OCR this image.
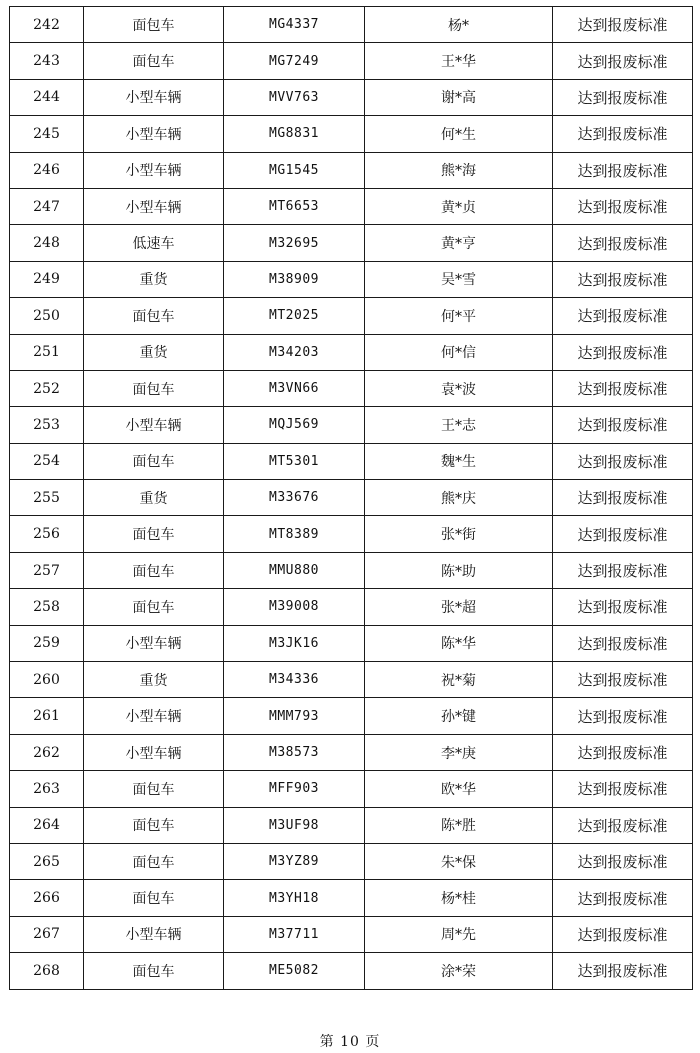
242	面包车	MG4337	杨*	达到报废标准
243	面包车	MG7249	王*华	达到报废标准
244	小型车辆	MVV763	谢*高	达到报废标准
245	小型车辆	MG8831	何*生	达到报废标准
246	小型车辆	MG1545	熊*海	达到报废标准
247	小型车辆	MT6653	黄*贞	达到报废标准
248	低速车	M32695	黄*亨	达到报废标准
249	重货	M38909	吴*雪	达到报废标准
250	面包车	MT2025	何*平	达到报废标准
251	重货	M34203	何*信	达到报废标准
252	面包车	M3VN66	袁*波	达到报废标准
253	小型车辆	MQJ569	王*志	达到报废标准
254	面包车	MT5301	魏*生	达到报废标准
255	重货	M33676	熊*庆	达到报废标准
256	面包车	MT8389	张*街	达到报废标准
257	面包车	MMU880	陈*助	达到报废标准
258	面包车	M39008	张*超	达到报废标准
259	小型车辆	M3JK16	陈*华	达到报废标准
260	重货	M34336	祝*菊	达到报废标准
261	小型车辆	MMM793	孙*键	达到报废标准
262	小型车辆	M38573	李*庚	达到报废标准
263	面包车	MFF903	欧*华	达到报废标准
264	面包车	M3UF98	陈*胜	达到报废标准
265	面包车	M3YZ89	朱*保	达到报废标准
266	面包车	M3YH18	杨*桂	达到报废标准
267	小型车辆	M37711	周*先	达到报废标准
268	面包车	ME5082	涂*荣	达到报废标准
第 10 页
